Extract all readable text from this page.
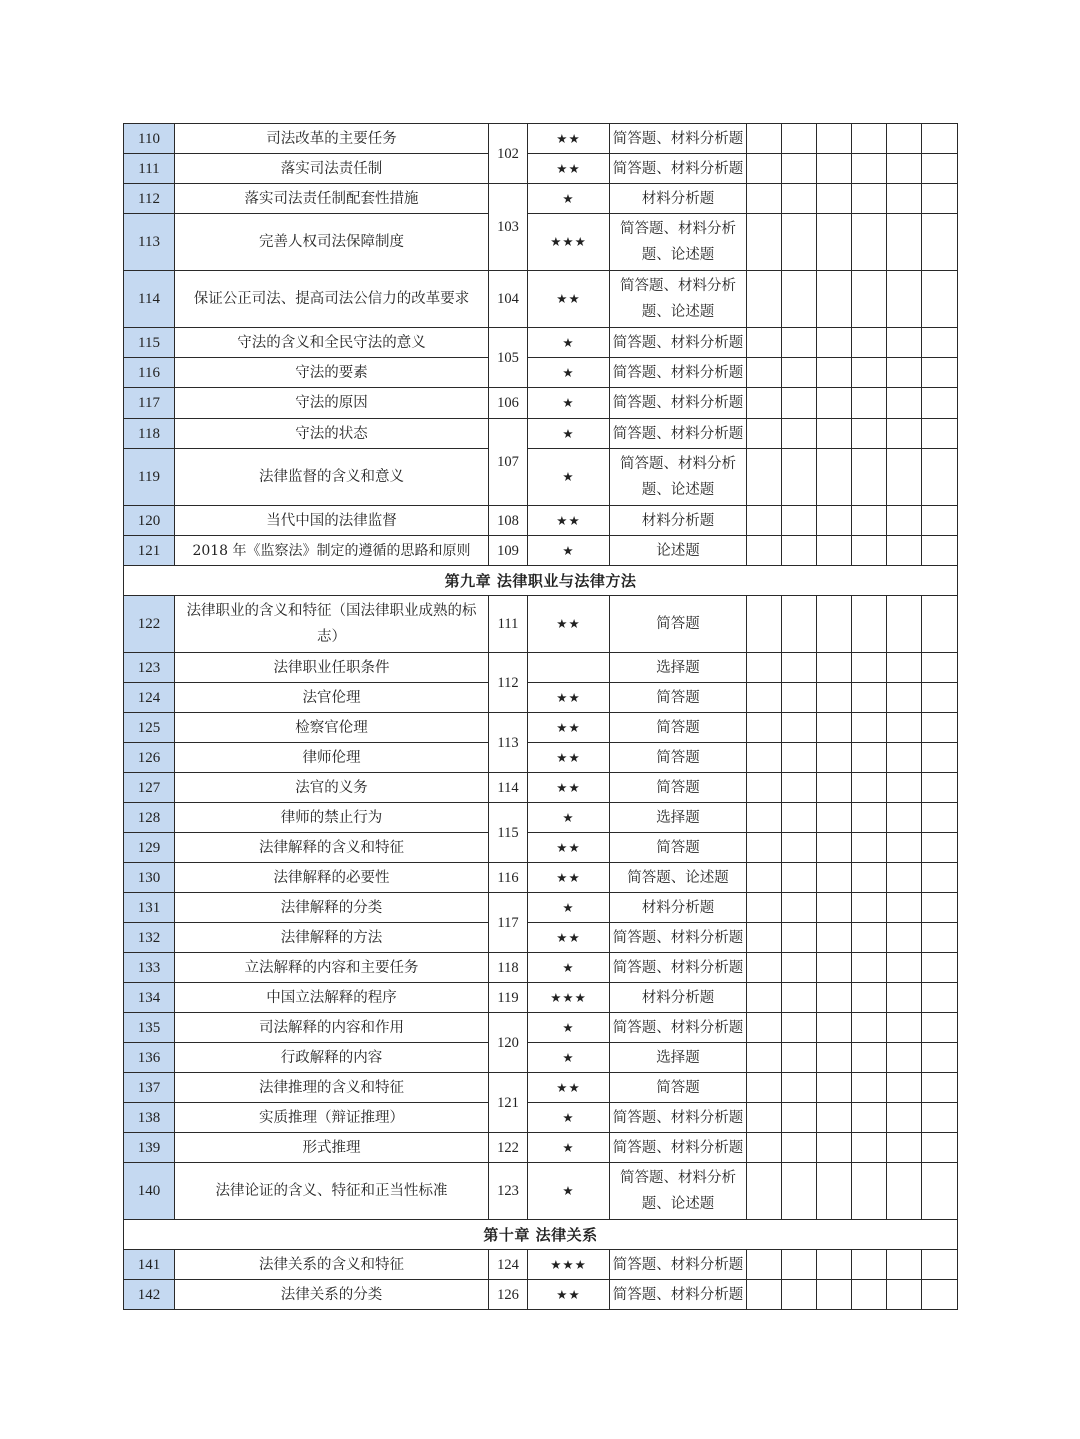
110	司法改革的主要任务	102	★★	简答题、材料分析题						
111	落实司法责任制		★★	简答题、材料分析题						
112	落实司法责任制配套性措施	103	★	材料分析题						
113	完善人权司法保障制度		★★★	简答题、材料分析题、论述题						
114	保证公正司法、提高司法公信力的改革要求	104	★★	简答题、材料分析题、论述题						
115	守法的含义和全民守法的意义	105	★	简答题、材料分析题						
116	守法的要素		★	简答题、材料分析题						
117	守法的原因	106	★	简答题、材料分析题						
118	守法的状态	107	★	简答题、材料分析题						
119	法律监督的含义和意义		★	简答题、材料分析题、论述题						
120	当代中国的法律监督	108	★★	材料分析题						
121	2018 年《监察法》制定的遵循的思路和原则	109	★	论述题						
第九章 法律职业与法律方法										
122	法律职业的含义和特征（国法律职业成熟的标志）	111	★★	简答题						
123	法律职业任职条件	112		选择题						
124	法官伦理		★★	简答题						
125	检察官伦理	113	★★	简答题						
126	律师伦理		★★	简答题						
127	法官的义务	114	★★	简答题						
128	律师的禁止行为	115	★	选择题						
129	法律解释的含义和特征		★★	简答题						
130	法律解释的必要性	116	★★	简答题、论述题						
131	法律解释的分类	117	★	材料分析题						
132	法律解释的方法		★★	简答题、材料分析题						
133	立法解释的内容和主要任务	118	★	简答题、材料分析题						
134	中国立法解释的程序	119	★★★	材料分析题						
135	司法解释的内容和作用	120	★	简答题、材料分析题						
136	行政解释的内容		★	选择题						
137	法律推理的含义和特征	121	★★	简答题						
138	实质推理（辩证推理）		★	简答题、材料分析题						
139	形式推理	122	★	简答题、材料分析题						
140	法律论证的含义、特征和正当性标准	123	★	简答题、材料分析题、论述题						
第十章 法律关系										
141	法律关系的含义和特征	124	★★★	简答题、材料分析题						
142	法律关系的分类	126	★★	简答题、材料分析题						
